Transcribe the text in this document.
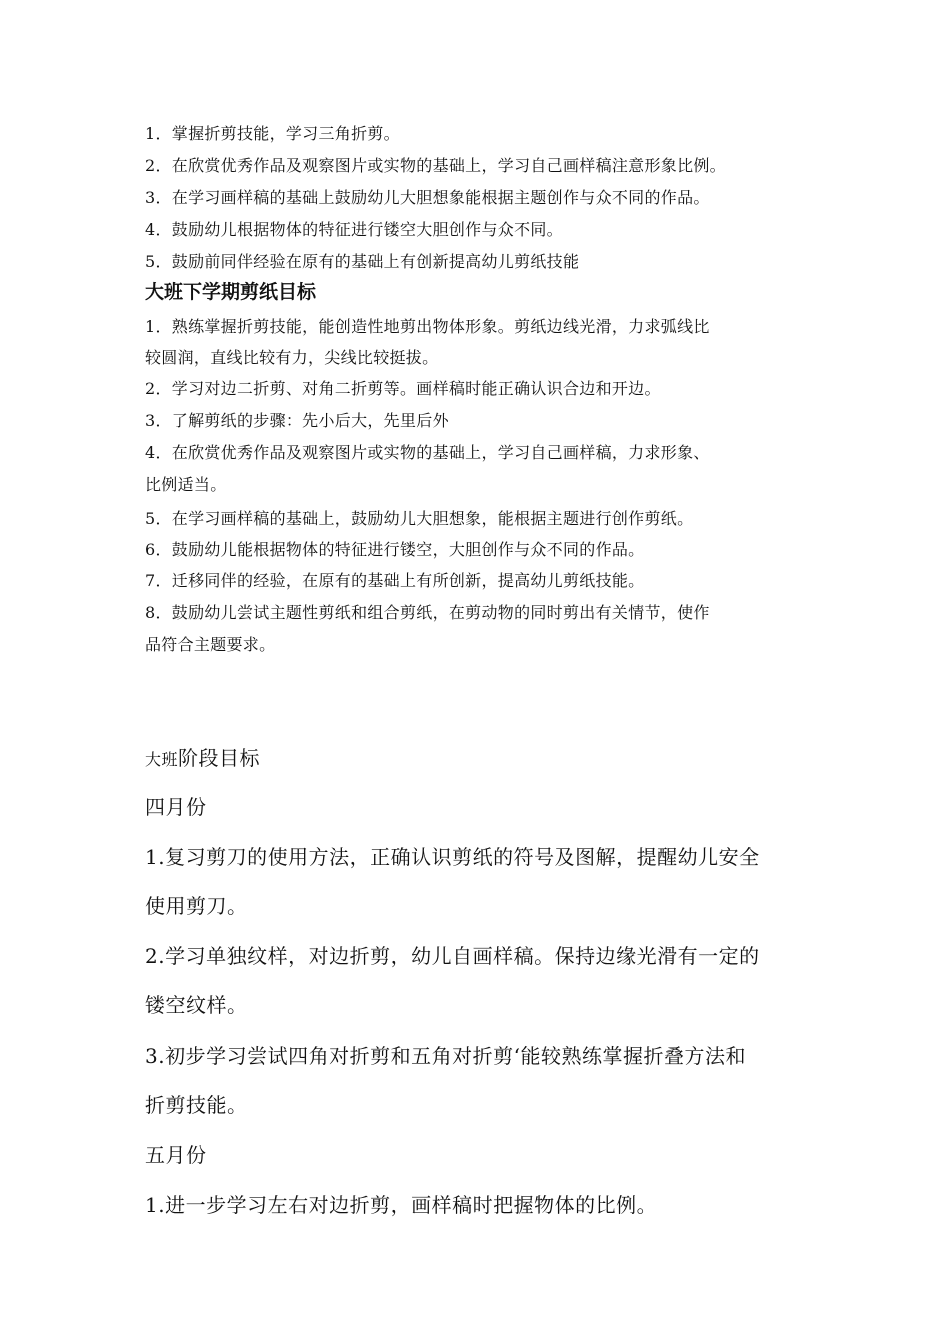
1．掌握折剪技能，学习三角折剪。
2．在欣赏优秀作品及观察图片或实物的基础上，学习自己画样稿注意形象比例。
3．在学习画样稿的基础上鼓励幼儿大胆想象能根据主题创作与众不同的作品。
4．鼓励幼儿根据物体的特征进行镂空大胆创作与众不同。
5．鼓励前同伴经验在原有的基础上有创新提高幼儿剪纸技能
大班下学期剪纸目标
1．熟练掌握折剪技能，能创造性地剪出物体形象。剪纸边线光滑，力求弧线比
较圆润，直线比较有力，尖线比较挺拔。
2．学习对边二折剪、对角二折剪等。画样稿时能正确认识合边和开边。
3．了解剪纸的步骤：先小后大，先里后外
4．在欣赏优秀作品及观察图片或实物的基础上，学习自己画样稿，力求形象、
比例适当。
5．在学习画样稿的基础上，鼓励幼儿大胆想象，能根据主题进行创作剪纸。
6．鼓励幼儿能根据物体的特征进行镂空，大胆创作与众不同的作品。
7．迁移同伴的经验，在原有的基础上有所创新，提高幼儿剪纸技能。
8．鼓励幼儿尝试主题性剪纸和组合剪纸，在剪动物的同时剪出有关情节，使作
品符合主题要求。
大班阶段目标
四月份
1.复习剪刀的使用方法，正确认识剪纸的符号及图解，提醒幼儿安全
使用剪刀。
2.学习单独纹样，对边折剪，幼儿自画样稿。保持边缘光滑有一定的
镂空纹样。
3.初步学习尝试四角对折剪和五角对折剪‘能较熟练掌握折叠方法和
折剪技能。
五月份
1.进一步学习左右对边折剪，画样稿时把握物体的比例。
